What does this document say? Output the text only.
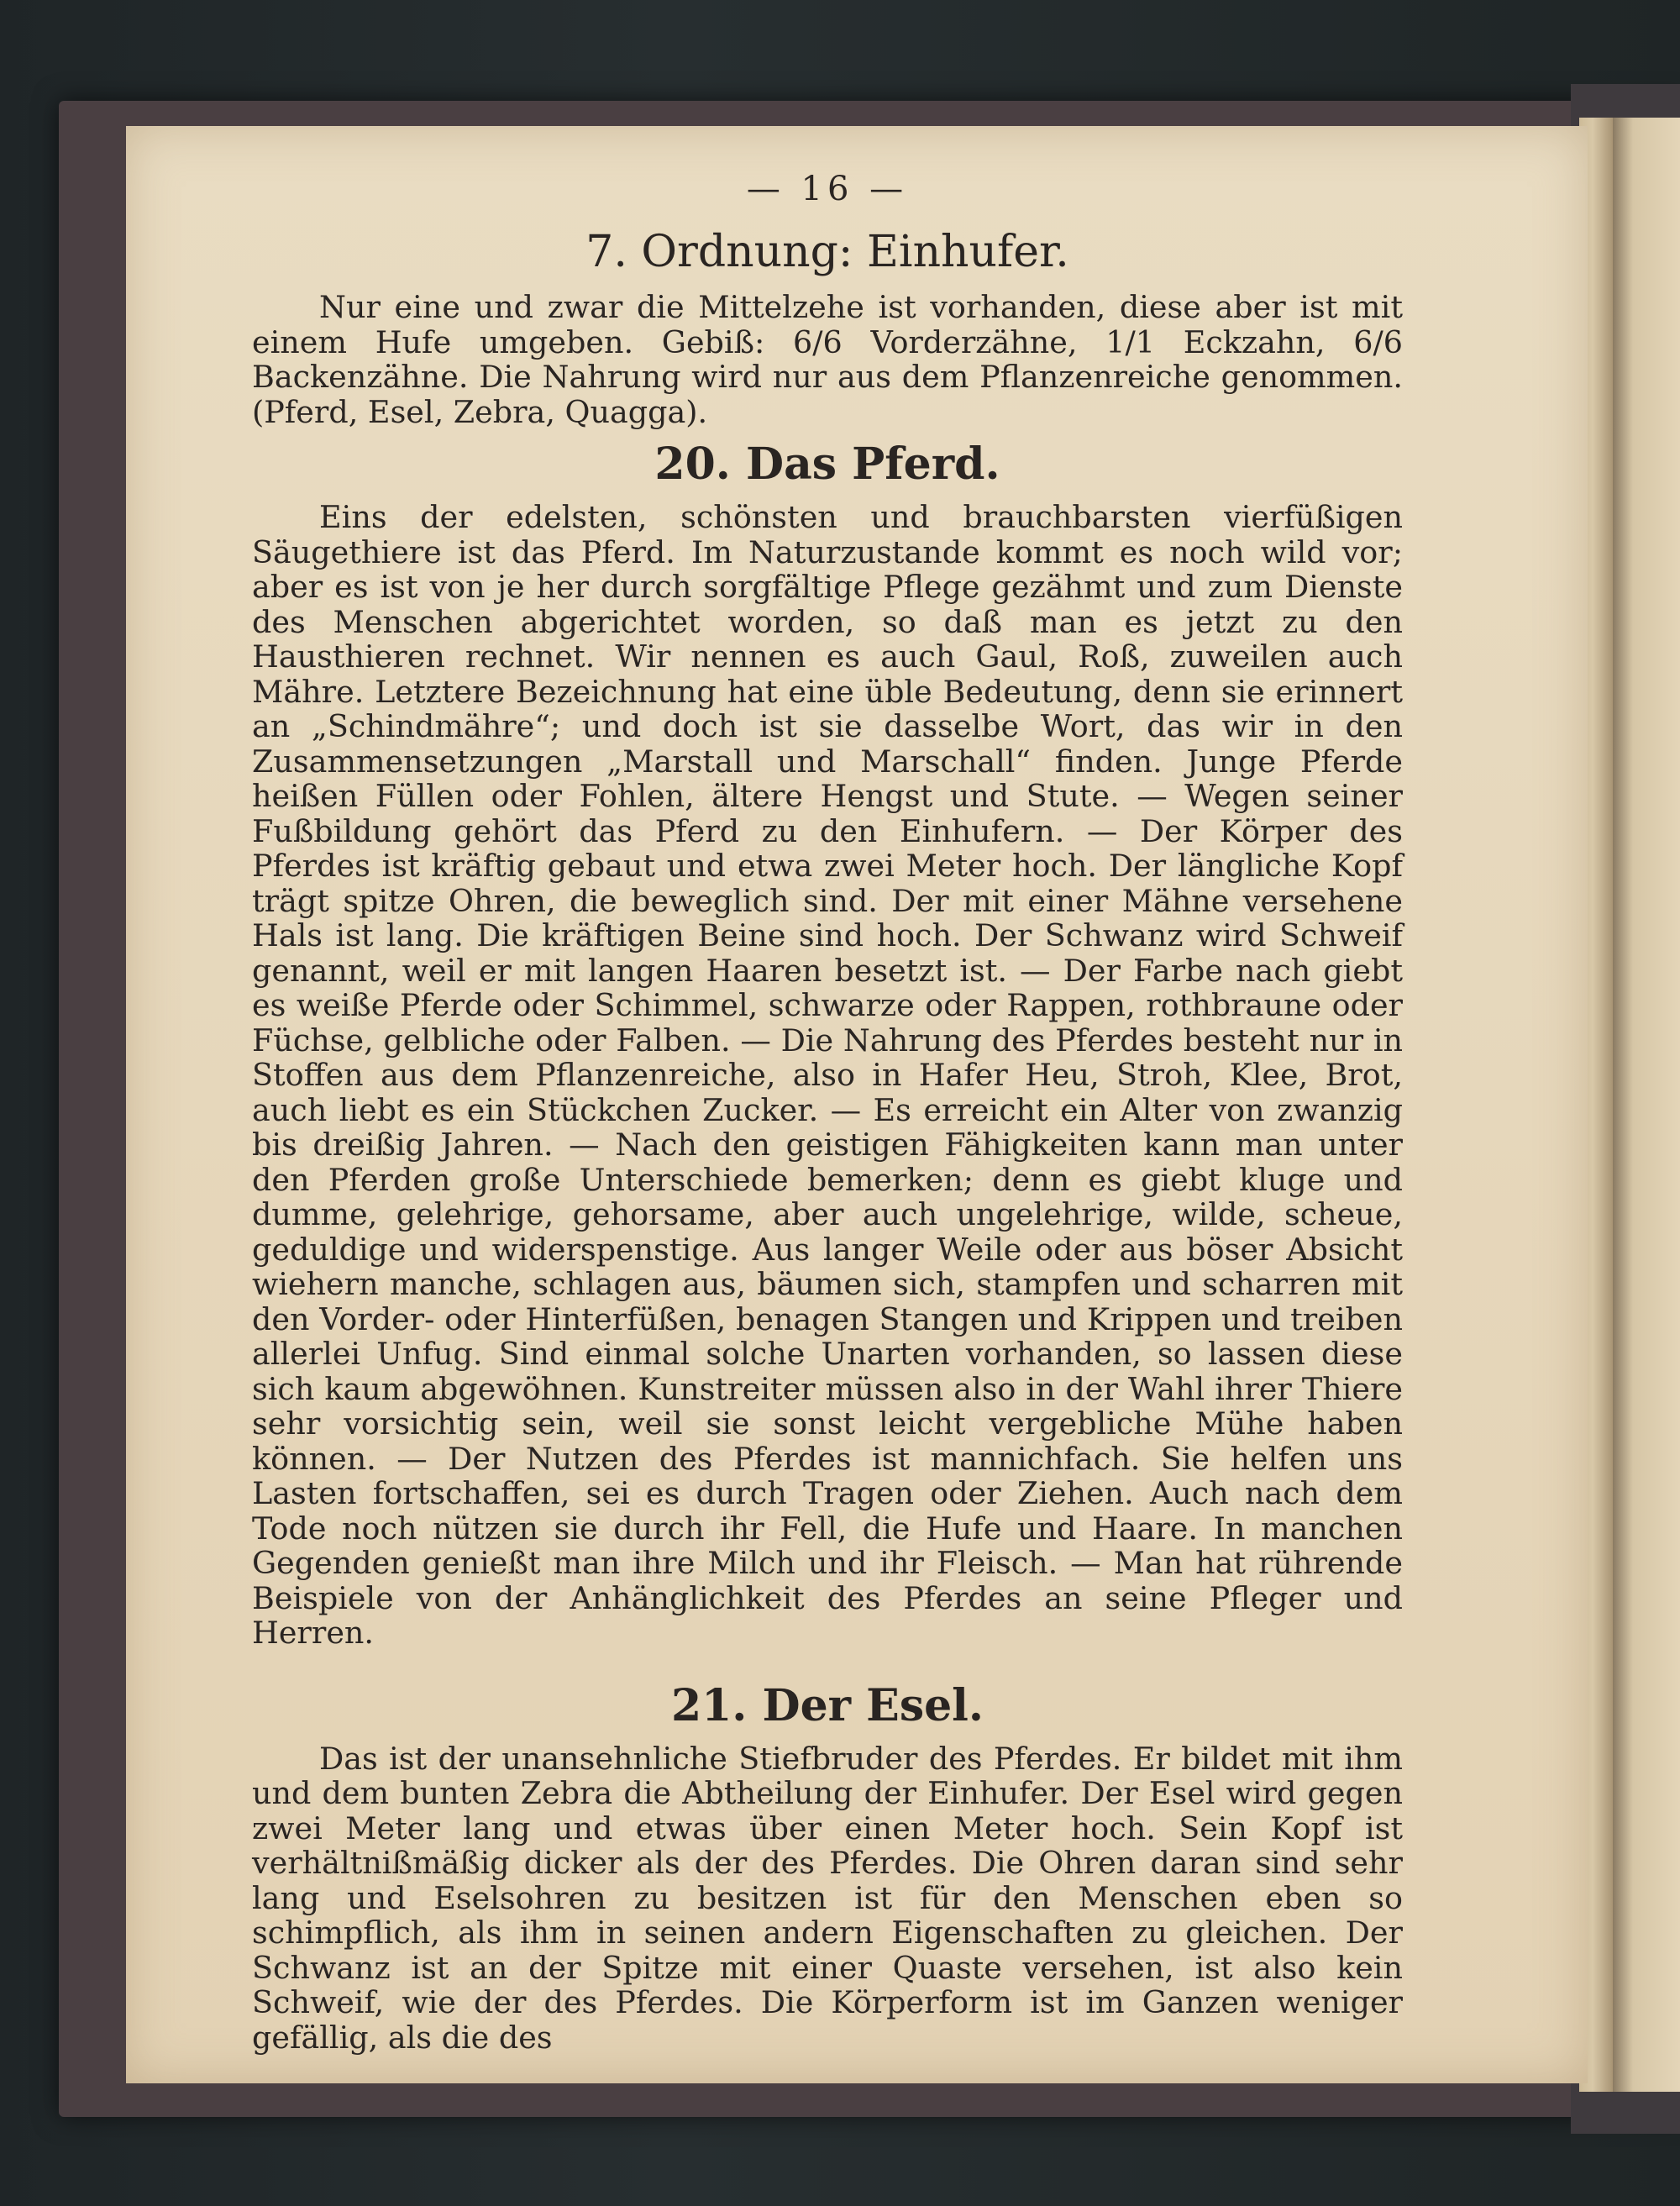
— 16 —
7. Ordnung: Einhufer.

Nur eine und zwar die Mittelzehe ist vorhanden, diese aber ist mit einem Hufe umgeben. Gebiß: 6/6 Vorderzähne, 1/1 Eckzahn, 6/6 Backenzähne. Die Nahrung wird nur aus dem Pflanzenreiche genommen. (Pferd, Esel, Zebra, Quagga).

20. Das Pferd.

Eins der edelsten, schönsten und brauchbarsten vierfüßigen Säugethiere ist das Pferd. Im Naturzustande kommt es noch wild vor; aber es ist von je her durch sorgfältige Pflege gezähmt und zum Dienste des Menschen abgerichtet worden, so daß man es jetzt zu den Hausthieren rechnet. Wir nennen es auch Gaul, Roß, zuweilen auch Mähre. Letztere Bezeichnung hat eine üble Bedeutung, denn sie erinnert an „Schindmähre“; und doch ist sie dasselbe Wort, das wir in den Zusammensetzungen „Marstall und Marschall“ finden. Junge Pferde heißen Füllen oder Fohlen, ältere Hengst und Stute. — Wegen seiner Fußbildung gehört das Pferd zu den Einhufern. — Der Körper des Pferdes ist kräftig gebaut und etwa zwei Meter hoch. Der längliche Kopf trägt spitze Ohren, die beweglich sind. Der mit einer Mähne versehene Hals ist lang. Die kräftigen Beine sind hoch. Der Schwanz wird Schweif genannt, weil er mit langen Haaren besetzt ist. — Der Farbe nach giebt es weiße Pferde oder Schimmel, schwarze oder Rappen, rothbraune oder Füchse, gelbliche oder Falben. — Die Nahrung des Pferdes besteht nur in Stoffen aus dem Pflanzenreiche, also in Hafer Heu, Stroh, Klee, Brot, auch liebt es ein Stückchen Zucker. — Es erreicht ein Alter von zwanzig bis dreißig Jahren. — Nach den geistigen Fähigkeiten kann man unter den Pferden große Unterschiede bemerken; denn es giebt kluge und dumme, gelehrige, gehorsame, aber auch ungelehrige, wilde, scheue, geduldige und widerspenstige. Aus langer Weile oder aus böser Absicht wiehern manche, schlagen aus, bäumen sich, stampfen und scharren mit den Vorder- oder Hinterfüßen, benagen Stangen und Krippen und treiben allerlei Unfug. Sind einmal solche Unarten vorhanden, so lassen diese sich kaum abgewöhnen. Kunstreiter müssen also in der Wahl ihrer Thiere sehr vorsichtig sein, weil sie sonst leicht vergebliche Mühe haben können. — Der Nutzen des Pferdes ist mannichfach. Sie helfen uns Lasten fortschaffen, sei es durch Tragen oder Ziehen. Auch nach dem Tode noch nützen sie durch ihr Fell, die Hufe und Haare. In manchen Gegenden genießt man ihre Milch und ihr Fleisch. — Man hat rührende Beispiele von der Anhänglichkeit des Pferdes an seine Pfleger und Herren.

21. Der Esel.

Das ist der unansehnliche Stiefbruder des Pferdes. Er bildet mit ihm und dem bunten Zebra die Abtheilung der Einhufer. Der Esel wird gegen zwei Meter lang und etwas über einen Meter hoch. Sein Kopf ist verhältnißmäßig dicker als der des Pferdes. Die Ohren daran sind sehr lang und Eselsohren zu besitzen ist für den Menschen eben so schimpflich, als ihm in seinen andern Eigenschaften zu gleichen. Der Schwanz ist an der Spitze mit einer Quaste versehen, ist also kein Schweif, wie der des Pferdes. Die Körperform ist im Ganzen weniger gefällig, als die des
